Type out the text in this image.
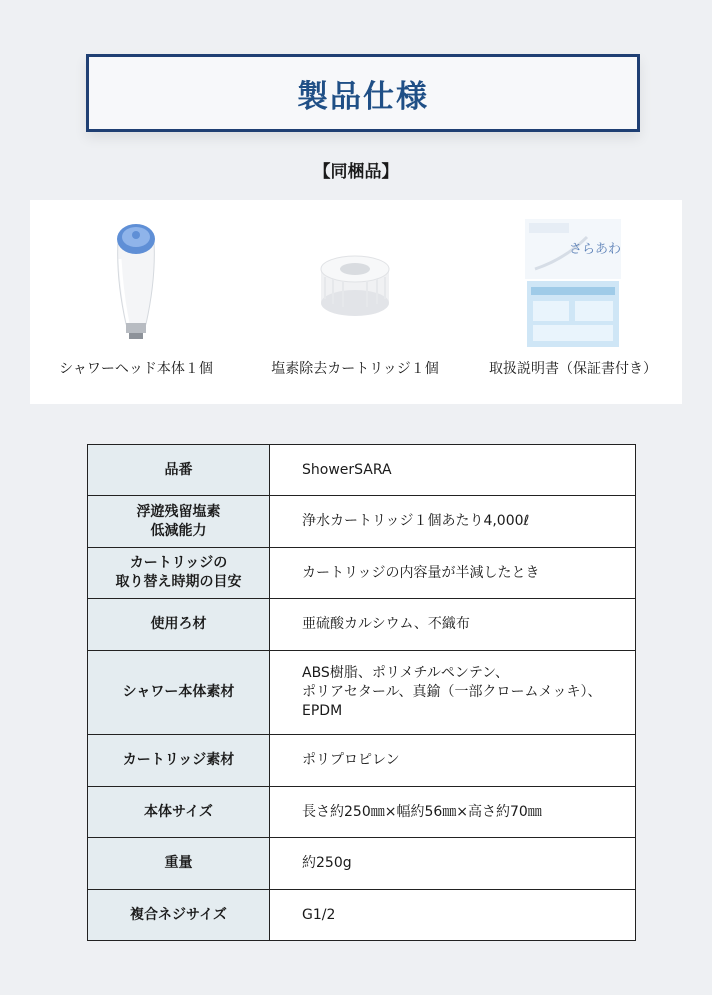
製品仕様
【同梱品】
シャワーヘッド本体１個	塩素除去カートリッジ１個
さらあわ
取扱説明書（保証書付き）
品番	ShowerSARA

浮遊残留塩素
低減能力	浄水カートリッジ１個あたり4,000ℓ

カートリッジの
取り替え時期の目安	カートリッジの内容量が半減したとき

使用ろ材	亜硫酸カルシウム、不織布

シャワー本体素材	ABS樹脂、ポリメチルペンテン、
ポリアセタール、真鍮（一部クロームメッキ）、
EPDM

カートリッジ素材	ポリプロピレン

本体サイズ	長さ約250㎜×幅約56㎜×高さ約70㎜

重量	約250g

複合ネジサイズ	G1/2
